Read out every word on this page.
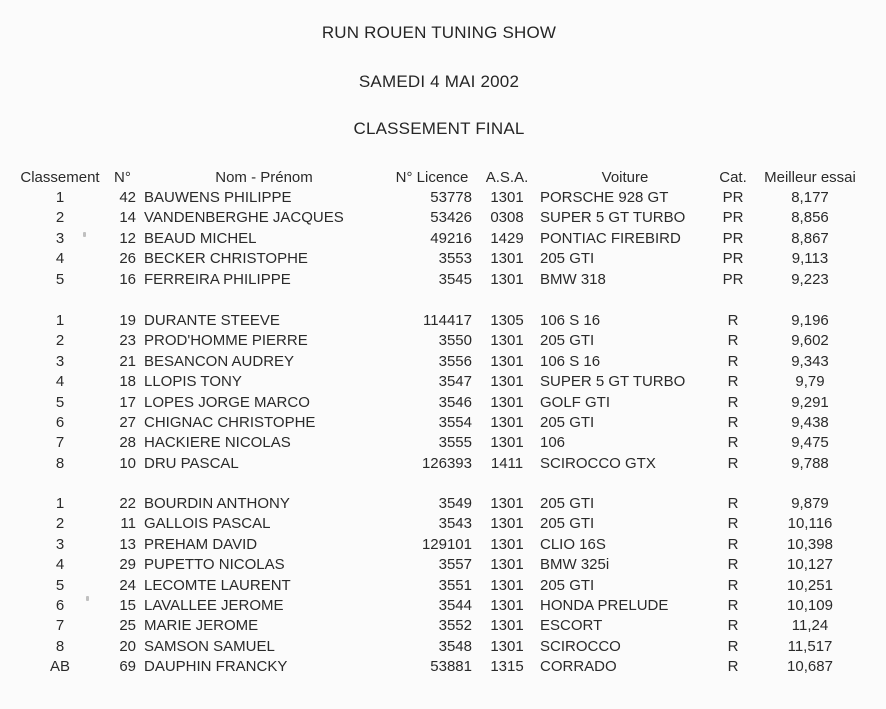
RUN ROUEN TUNING SHOW
SAMEDI 4 MAI 2002
CLASSEMENT FINAL
Classement N°	Nom - Prénom	N° Licence	A.S.A.	Voiture	Cat.	Meilleur essai
1	42 BAUWENS PHILIPPE	53778	1301	PORSCHE 928 GT	PR	8,177
2	14 VANDENBERGHE JACQUES	53426	0308	SUPER 5 GT TURBO	PR	8,856
3	12 BEAUD MICHEL	49216	1429	PONTIAC FIREBIRD	PR	8,867
4	26 BECKER CHRISTOPHE	3553	1301	205 GTI	PR	9,113
5	16 FERREIRA PHILIPPE	3545	1301	BMW 318	PR	9,223
1	19 DURANTE STEEVE	114417	1305	106 S 16	R	9,196
2	23 PROD'HOMME PIERRE	3550	1301	205 GTI	R	9,602
3	21 BESANCON AUDREY	3556	1301	106 S 16	R	9,343
4	18 LLOPIS TONY	3547	1301	SUPER 5 GT TURBO	R	9,79
5	17 LOPES JORGE MARCO	3546	1301	GOLF GTI	R	9,291
6	27 CHIGNAC CHRISTOPHE	3554	1301	205 GTI	R	9,438
7	28 HACKIERE NICOLAS	3555	1301	106	R	9,475
8	10 DRU PASCAL	126393	1411	SCIROCCO GTX	R	9,788
1	22 BOURDIN ANTHONY	3549	1301	205 GTI	R	9,879
2	11 GALLOIS PASCAL	3543	1301	205 GTI	R	10,116
3	13 PREHAM DAVID	129101	1301	CLIO 16S	R	10,398
4	29 PUPETTO NICOLAS	3557	1301	BMW 325i	R	10,127
5	24 LECOMTE LAURENT	3551	1301	205 GTI	R	10,251
6	15 LAVALLEE JEROME	3544	1301	HONDA PRELUDE	R	10,109
7	25 MARIE JEROME	3552	1301	ESCORT	R	11,24
8	20 SAMSON SAMUEL	3548	1301	SCIROCCO	R	11,517
AB	69 DAUPHIN FRANCKY	53881	1315	CORRADO	R	10,687
